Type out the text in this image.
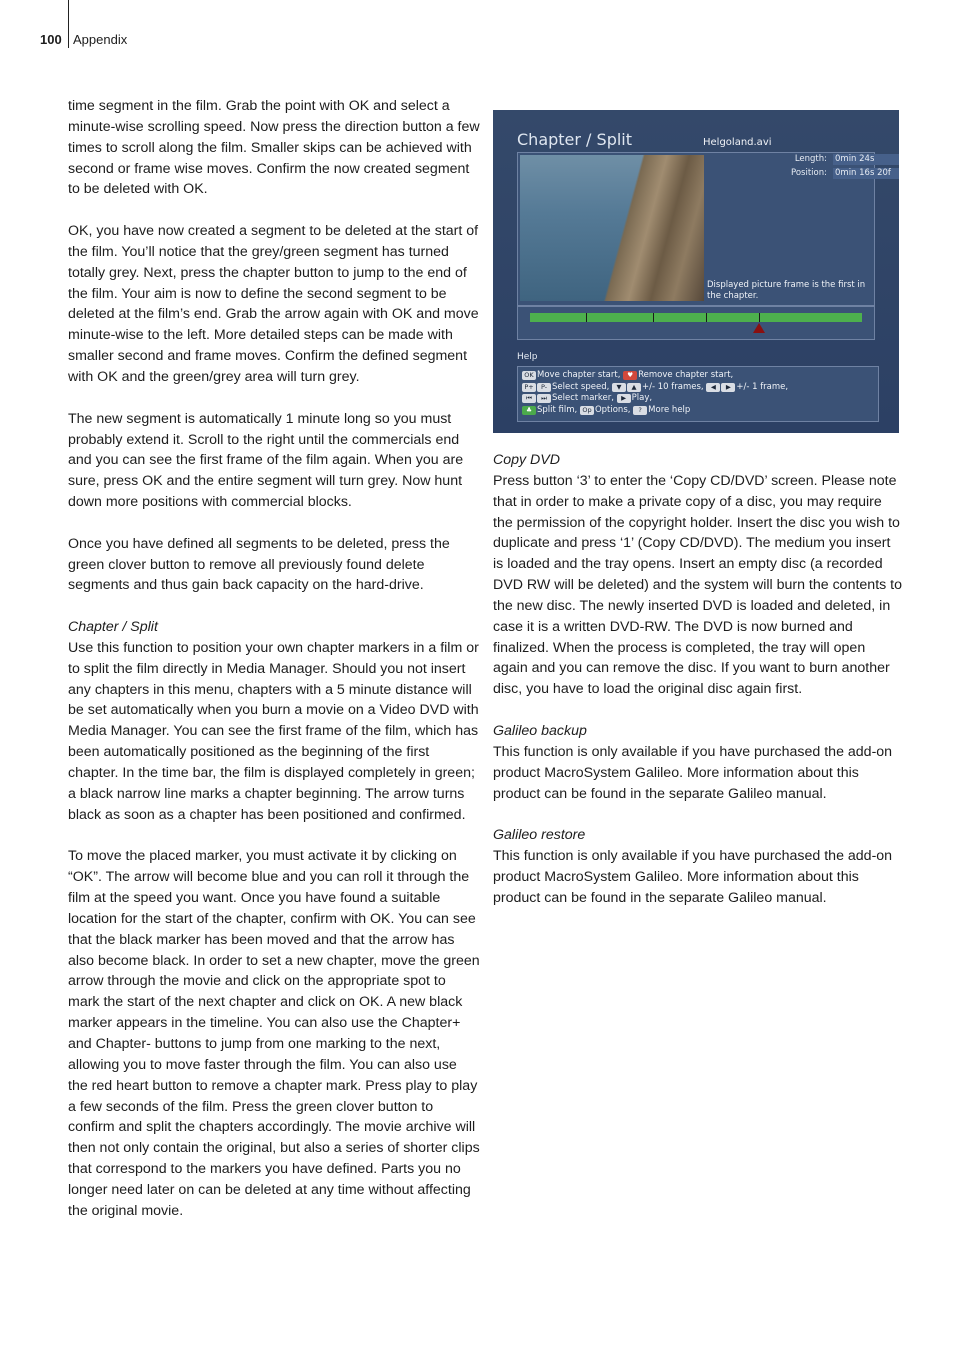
100 Appendix

time segment in the film. Grab the point with OK and select a minute-wise scrolling speed. Now press the direction button a few times to scroll along the film. Smaller skips can be achieved with second or frame wise moves. Confirm the now created segment to be deleted with OK.

OK, you have now created a segment to be deleted at the start of the film. You’ll notice that the grey/green segment has turned totally grey. Next, press the chapter button to jump to the end of the film. Your aim is now to define the second segment to be deleted at the film’s end. Grab the arrow again with OK and move minute-wise to the left. More detailed steps can be made with smaller second and frame moves. Confirm the defined segment with OK and the green/grey area will turn grey.

The new segment is automatically 1 minute long so you must probably extend it. Scroll to the right until the commercials end and you can see the first frame of the film again. When you are sure, press OK and the entire segment will turn grey. Now hunt down more positions with commercial blocks.

Once you have defined all segments to be deleted, press the green clover button to remove all previously found delete segments and thus gain back capacity on the hard-drive.

Chapter / Split

Use this function to position your own chapter markers in a film or to split the film directly in Media Manager. Should you not insert any chapters in this menu, chapters with a 5 minute distance will be set automatically when you burn a movie on a Video DVD with Media Manager. You can see the first frame of the film, which has been automatically positioned as the beginning of the first chapter. In the time bar, the film is displayed completely in green; a black narrow line marks a chapter beginning. The arrow turns black as soon as a chapter has been positioned and confirmed.

To move the placed marker, you must activate it by clicking on “OK”. The arrow will become blue and you can roll it through the film at the speed you want. Once you have found a suitable location for the start of the chapter, confirm with OK. You can see that the black marker has been moved and that the arrow has also become black. In order to set a new chapter, move the green arrow through the movie and click on the appropriate spot to mark the start of the next chapter and click on OK. A new black marker appears in the timeline. You can also use the Chapter+ and Chapter- buttons to jump from one marking to the next, allowing you to move faster through the film. You can also use the red heart button to remove a chapter mark. Press play to play a few seconds of the film. Press the green clover button to confirm and split the chapters accordingly. The movie archive will then not only contain the original, but also a series of shorter clips that correspond to the markers you have defined. Parts you no longer need later on can be deleted at any time without affecting the original movie.

Chapter / Split	Helgoland.avi
Length: 0min 24s
Position: 0min 16s 20f
Displayed picture frame is the first in the chapter.
Help
OK Move chapter start, ♥ Remove chapter start,
P+ P- Select speed, ▼ ▲ +/- 10 frames, ◀ ▶ +/- 1 frame,
⏮ ⏭ Select marker, ▶ Play,
♣ Split film, Op Options, ? More help

Copy DVD

Press button ‘3’ to enter the ‘Copy CD/DVD’ screen. Please note that in order to make a private copy of a disc, you may require the permission of the copyright holder. Insert the disc you wish to duplicate and press ‘1’ (Copy CD/DVD). The medium you insert is loaded and the tray opens. Insert an empty disc (a recorded DVD RW will be deleted) and the system will burn the contents to the new disc. The newly inserted DVD is loaded and deleted, in case it is a written DVD-RW. The DVD is now burned and finalized. When the process is completed, the tray will open again and you can remove the disc. If you want to burn another disc, you have to load the original disc again first.

Galileo backup

This function is only available if you have purchased the add-on product MacroSystem Galileo. More information about this product can be found in the separate Galileo manual.

Galileo restore

This function is only available if you have purchased the add-on product MacroSystem Galileo. More information about this product can be found in the separate Galileo manual.
